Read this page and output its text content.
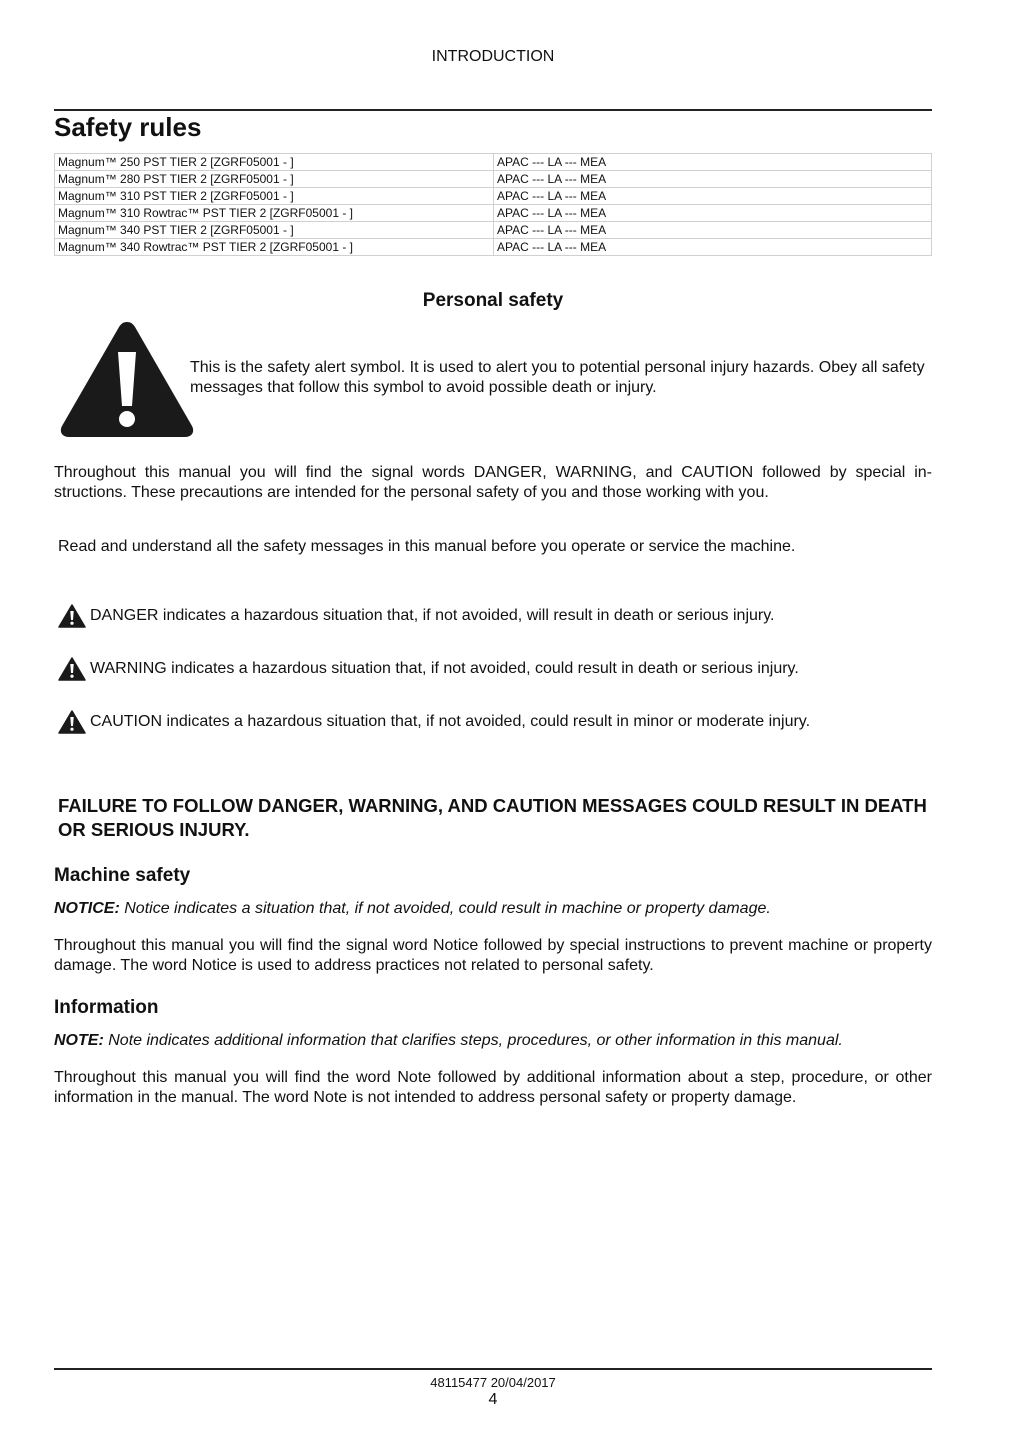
INTRODUCTION
Safety rules
Magnum™ 250 PST TIER 2 [ZGRF05001 - ]	APAC --- LA --- MEA
Magnum™ 280 PST TIER 2 [ZGRF05001 - ]	APAC --- LA --- MEA
Magnum™ 310 PST TIER 2 [ZGRF05001 - ]	APAC --- LA --- MEA
Magnum™ 310 Rowtrac™ PST TIER 2 [ZGRF05001 - ]	APAC --- LA --- MEA
Magnum™ 340 PST TIER 2 [ZGRF05001 - ]	APAC --- LA --- MEA
Magnum™ 340 Rowtrac™ PST TIER 2 [ZGRF05001 - ]	APAC --- LA --- MEA
Personal safety
This is the safety alert symbol. It is used to alert you to potential personal injury hazards. Obey all safety messages that follow this symbol to avoid possible death or injury.
Throughout this manual you will find the signal words DANGER, WARNING, and CAUTION followed by special in-structions. These precautions are intended for the personal safety of you and those working with you.
Read and understand all the safety messages in this manual before you operate or service the machine.
DANGER indicates a hazardous situation that, if not avoided, will result in death or serious injury.
WARNING indicates a hazardous situation that, if not avoided, could result in death or serious injury.
CAUTION indicates a hazardous situation that, if not avoided, could result in minor or moderate injury.
FAILURE TO FOLLOW DANGER, WARNING, AND CAUTION MESSAGES COULD RESULT IN DEATH OR SERIOUS INJURY.
Machine safety
NOTICE: Notice indicates a situation that, if not avoided, could result in machine or property damage.
Throughout this manual you will find the signal word Notice followed by special instructions to prevent machine or property damage. The word Notice is used to address practices not related to personal safety.
Information
NOTE: Note indicates additional information that clarifies steps, procedures, or other information in this manual.
Throughout this manual you will find the word Note followed by additional information about a step, procedure, or other information in the manual. The word Note is not intended to address personal safety or property damage.
48115477 20/04/2017
4
